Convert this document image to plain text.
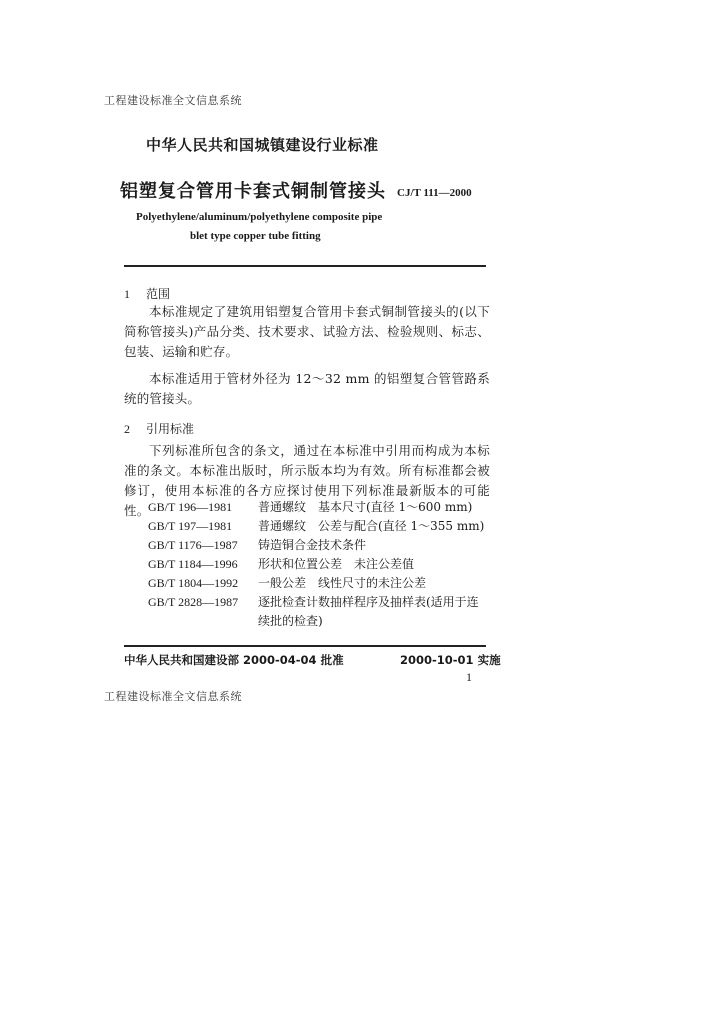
工程建设标准全文信息系统
中华人民共和国城镇建设行业标准
铝塑复合管用卡套式铜制管接头 CJ/T 111—2000
Polyethylene/aluminum/polyethylene composite pipe
blet type copper tube fitting
1 范围
本标准规定了建筑用铝塑复合管用卡套式铜制管接头的(以下简称管接头)产品分类、技术要求、试验方法、检验规则、标志、包装、运输和贮存。
本标准适用于管材外径为 12～32 mm 的铝塑复合管管路系统的管接头。
2 引用标准
下列标准所包含的条文，通过在本标准中引用而构成为本标准的条文。本标准出版时，所示版本均为有效。所有标准都会被修订，使用本标准的各方应探讨使用下列标准最新版本的可能性。
GB/T 196—1981	普通螺纹　基本尺寸(直径 1～600 mm)
GB/T 197—1981	普通螺纹　公差与配合(直径 1～355 mm)
GB/T 1176—1987	铸造铜合金技术条件
GB/T 1184—1996	形状和位置公差　未注公差值
GB/T 1804—1992	一般公差　线性尺寸的未注公差
GB/T 2828—1987	逐批检查计数抽样程序及抽样表(适用于连续批的检查)
中华人民共和国建设部 2000-04-04 批准	2000-10-01 实施
1
工程建设标准全文信息系统
